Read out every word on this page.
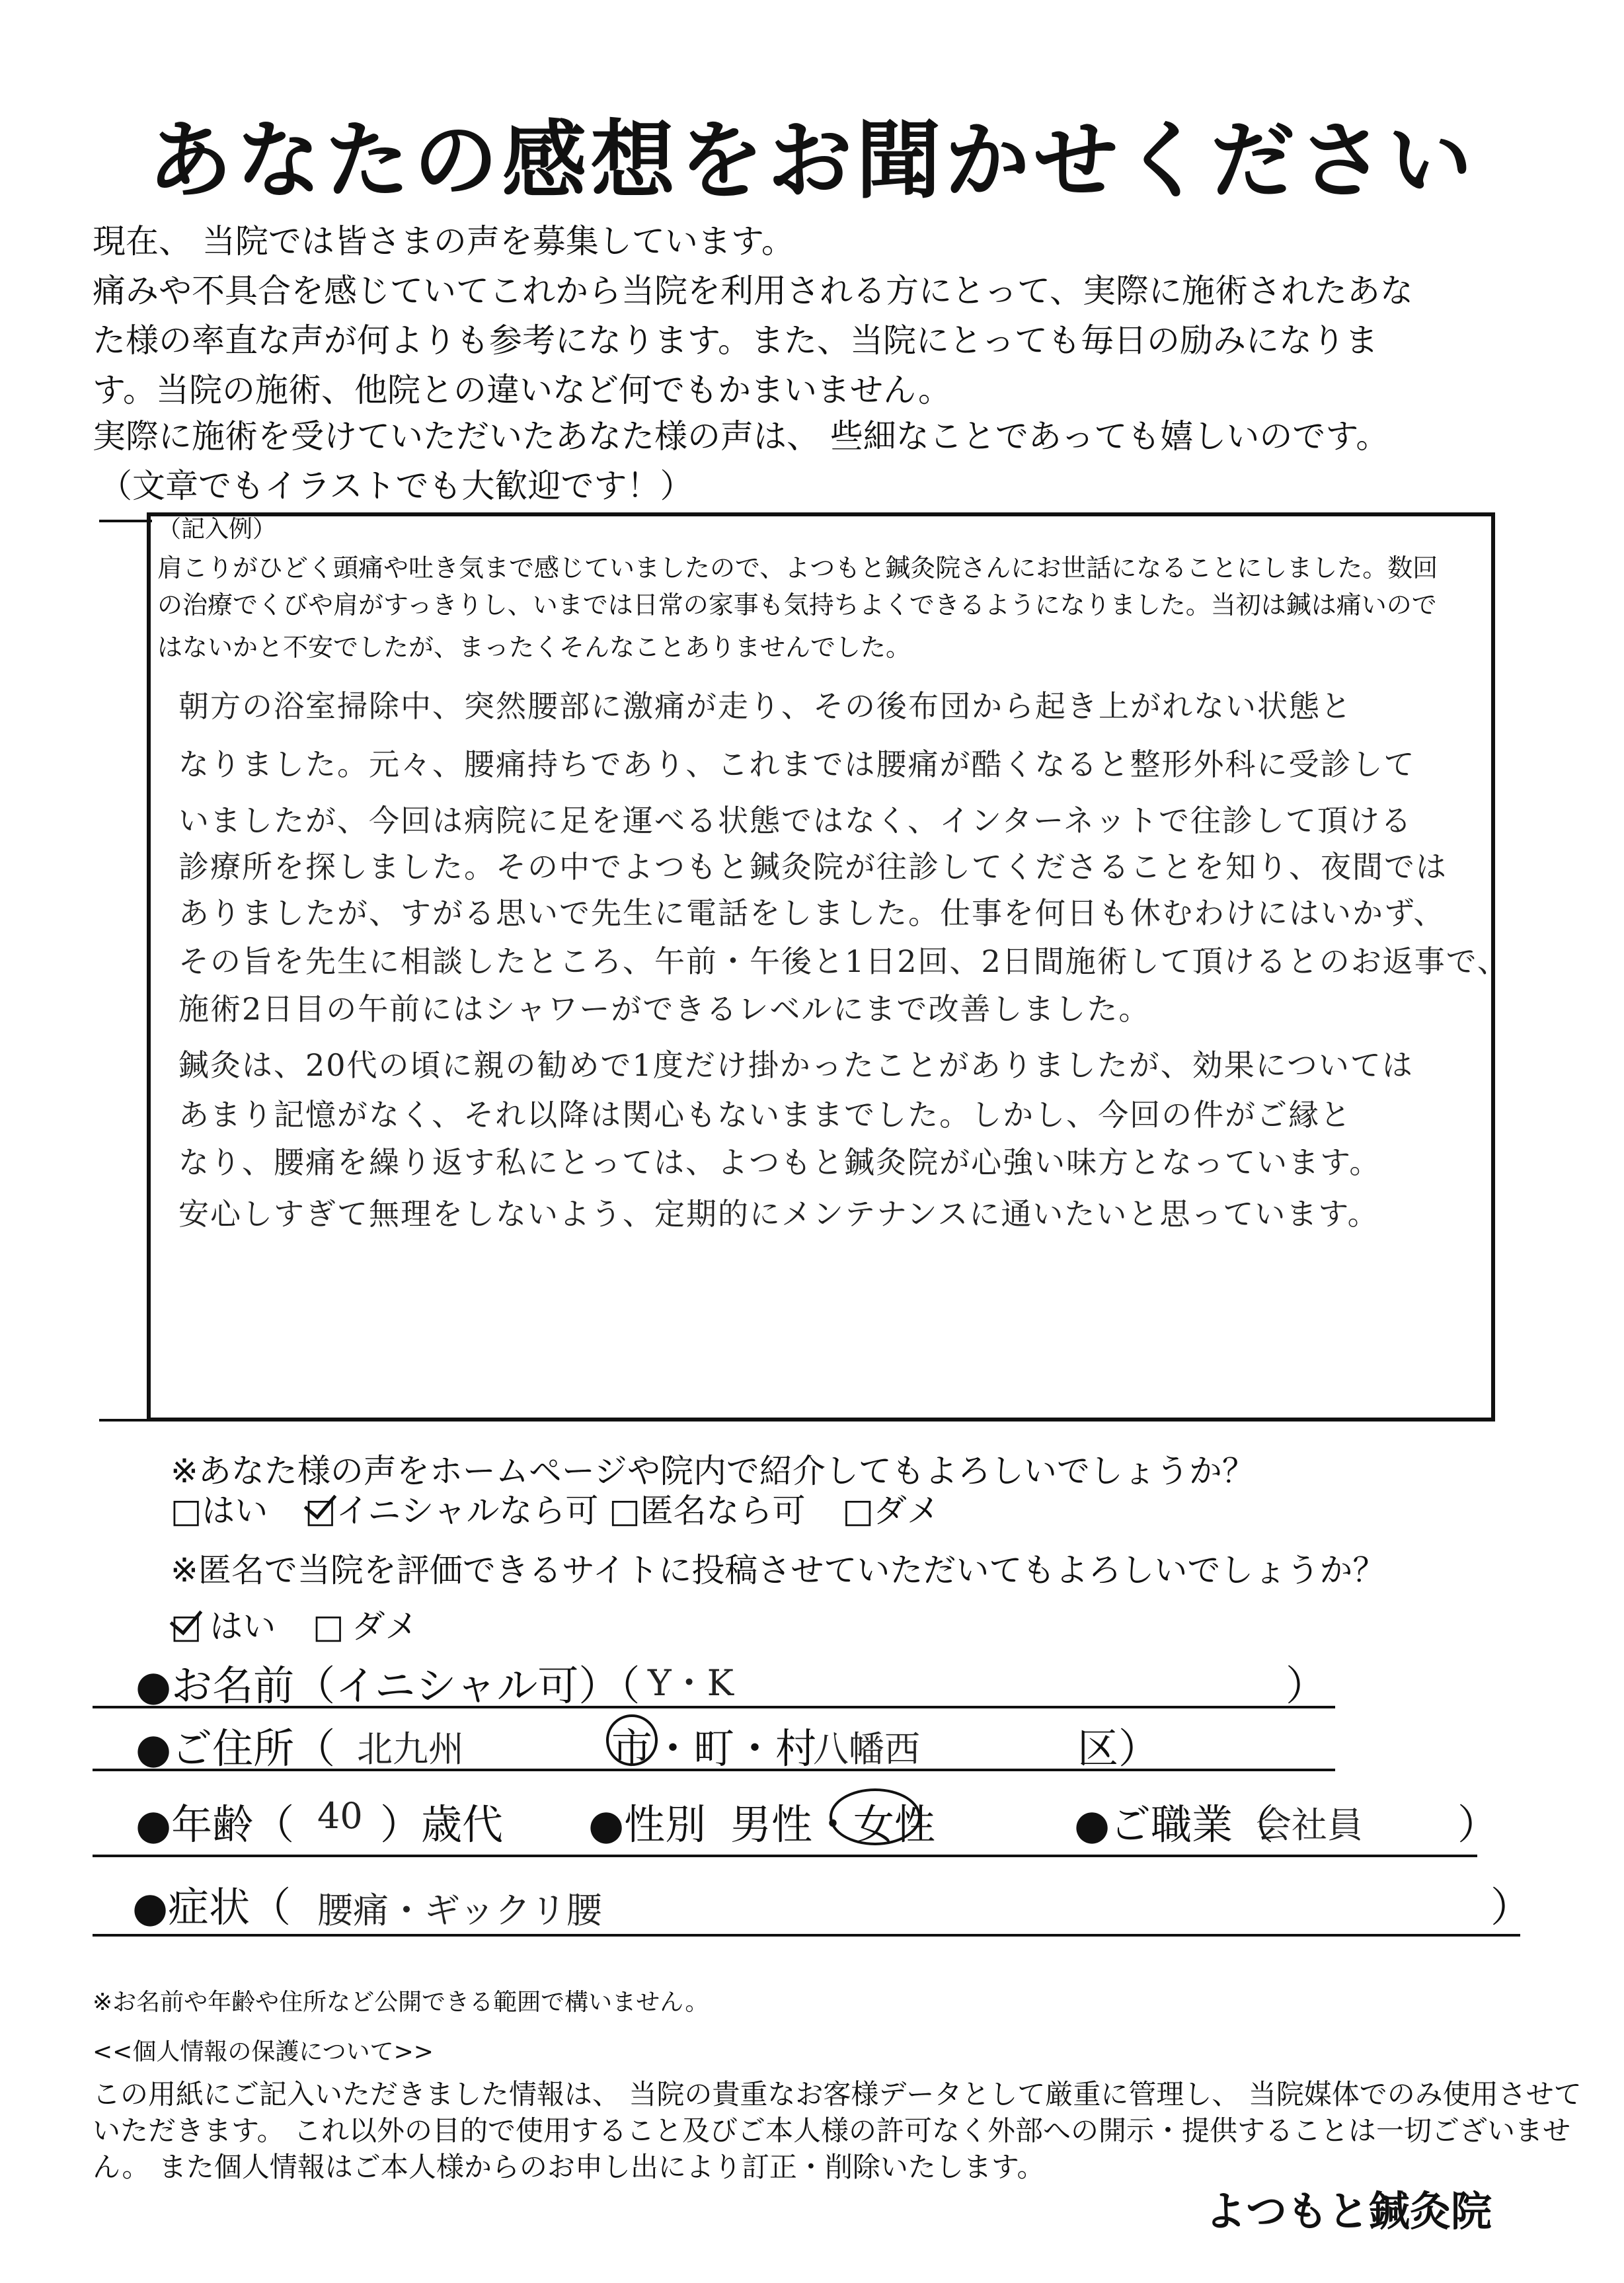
あなたの感想をお聞かせください
現在、 当院では皆さまの声を募集しています。
痛みや不具合を感じていてこれから当院を利用される方にとって、実際に施術されたあな
た様の率直な声が何よりも参考になります。また、当院にとっても毎日の励みになりま
す。当院の施術、他院との違いなど何でもかまいません。
実際に施術を受けていただいたあなた様の声は、 些細なことであっても嬉しいのです。
（文章でもイラストでも大歓迎です！）
（記入例）
肩こりがひどく頭痛や吐き気まで感じていましたので、よつもと鍼灸院さんにお世話になることにしました。数回
の治療でくびや肩がすっきりし、いまでは日常の家事も気持ちよくできるようになりました。当初は鍼は痛いので
はないかと不安でしたが、まったくそんなことありませんでした。
朝方の浴室掃除中、突然腰部に激痛が走り、その後布団から起き上がれない状態と
なりました。元々、腰痛持ちであり、これまでは腰痛が酷くなると整形外科に受診して
いましたが、今回は病院に足を運べる状態ではなく、インターネットで往診して頂ける
診療所を探しました。その中でよつもと鍼灸院が往診してくださることを知り、夜間では
ありましたが、すがる思いで先生に電話をしました。仕事を何日も休むわけにはいかず、
その旨を先生に相談したところ、午前・午後と1日2回、2日間施術して頂けるとのお返事で、
施術2日目の午前にはシャワーができるレベルにまで改善しました。
鍼灸は、20代の頃に親の勧めで1度だけ掛かったことがありましたが、効果については
あまり記憶がなく、それ以降は関心もないままでした。しかし、今回の件がご縁と
なり、腰痛を繰り返す私にとっては、よつもと鍼灸院が心強い味方となっています。
安心しすぎて無理をしないよう、定期的にメンテナンスに通いたいと思っています。
※あなた様の声をホームページや院内で紹介してもよろしいでしょうか？
□はい □イニシャルなら可 □匿名なら可 □ダメ
※匿名で当院を評価できるサイトに投稿させていただいてもよろしいでしょうか？
□ はい □ ダメ
●お名前（イニシャル可）（ Y・K	）
●ご住所（ 北九州	市・町・村
八幡西	区）
●年齢（ 40 ）歳代 ●性別 男性・女性	●ご職業（
会社員 ）
●症状（ 腰痛・ギックリ腰	）
※お名前や年齢や住所など公開できる範囲で構いません。
<<個人情報の保護について>>
この用紙にご記入いただきました情報は、 当院の貴重なお客様データとして厳重に管理し、 当院媒体でのみ使用させて
いただきます。 これ以外の目的で使用すること及びご本人様の許可なく外部への開示・提供することは一切ございませ
ん。 また個人情報はご本人様からのお申し出により訂正・削除いたします。
よつもと鍼灸院
